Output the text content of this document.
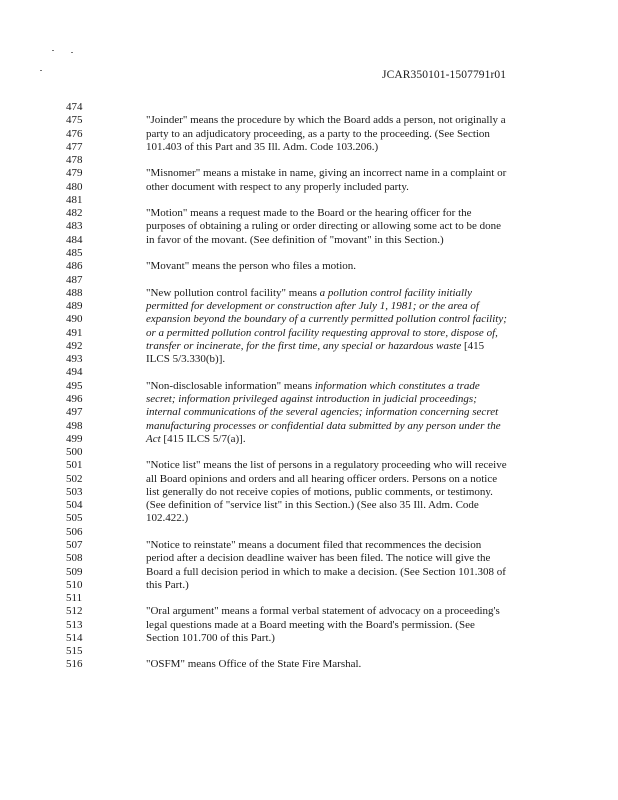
JCAR350101-1507791r01
474
475	"Joinder" means the procedure by which the Board adds a person, not originally a
476	party to an adjudicatory proceeding, as a party to the proceeding. (See Section
477	101.403 of this Part and 35 Ill. Adm. Code 103.206.)
478
479	"Misnomer" means a mistake in name, giving an incorrect name in a complaint or
480	other document with respect to any properly included party.
481
482	"Motion" means a request made to the Board or the hearing officer for the
483	purposes of obtaining a ruling or order directing or allowing some act to be done
484	in favor of the movant. (See definition of "movant" in this Section.)
485
486	"Movant" means the person who files a motion.
487
488	"New pollution control facility" means a pollution control facility initially
489	permitted for development or construction after July 1, 1981; or the area of
490	expansion beyond the boundary of a currently permitted pollution control facility;
491	or a permitted pollution control facility requesting approval to store, dispose of,
492	transfer or incinerate, for the first time, any special or hazardous waste [415
493	ILCS 5/3.330(b)].
494
495	"Non-disclosable information" means information which constitutes a trade
496	secret; information privileged against introduction in judicial proceedings;
497	internal communications of the several agencies; information concerning secret
498	manufacturing processes or confidential data submitted by any person under the
499	Act [415 ILCS 5/7(a)].
500
501	"Notice list" means the list of persons in a regulatory proceeding who will receive
502	all Board opinions and orders and all hearing officer orders. Persons on a notice
503	list generally do not receive copies of motions, public comments, or testimony.
504	(See definition of "service list" in this Section.) (See also 35 Ill. Adm. Code
505	102.422.)
506
507	"Notice to reinstate" means a document filed that recommences the decision
508	period after a decision deadline waiver has been filed. The notice will give the
509	Board a full decision period in which to make a decision. (See Section 101.308 of
510	this Part.)
511
512	"Oral argument" means a formal verbal statement of advocacy on a proceeding's
513	legal questions made at a Board meeting with the Board's permission. (See
514	Section 101.700 of this Part.)
515
516	"OSFM" means Office of the State Fire Marshal.
